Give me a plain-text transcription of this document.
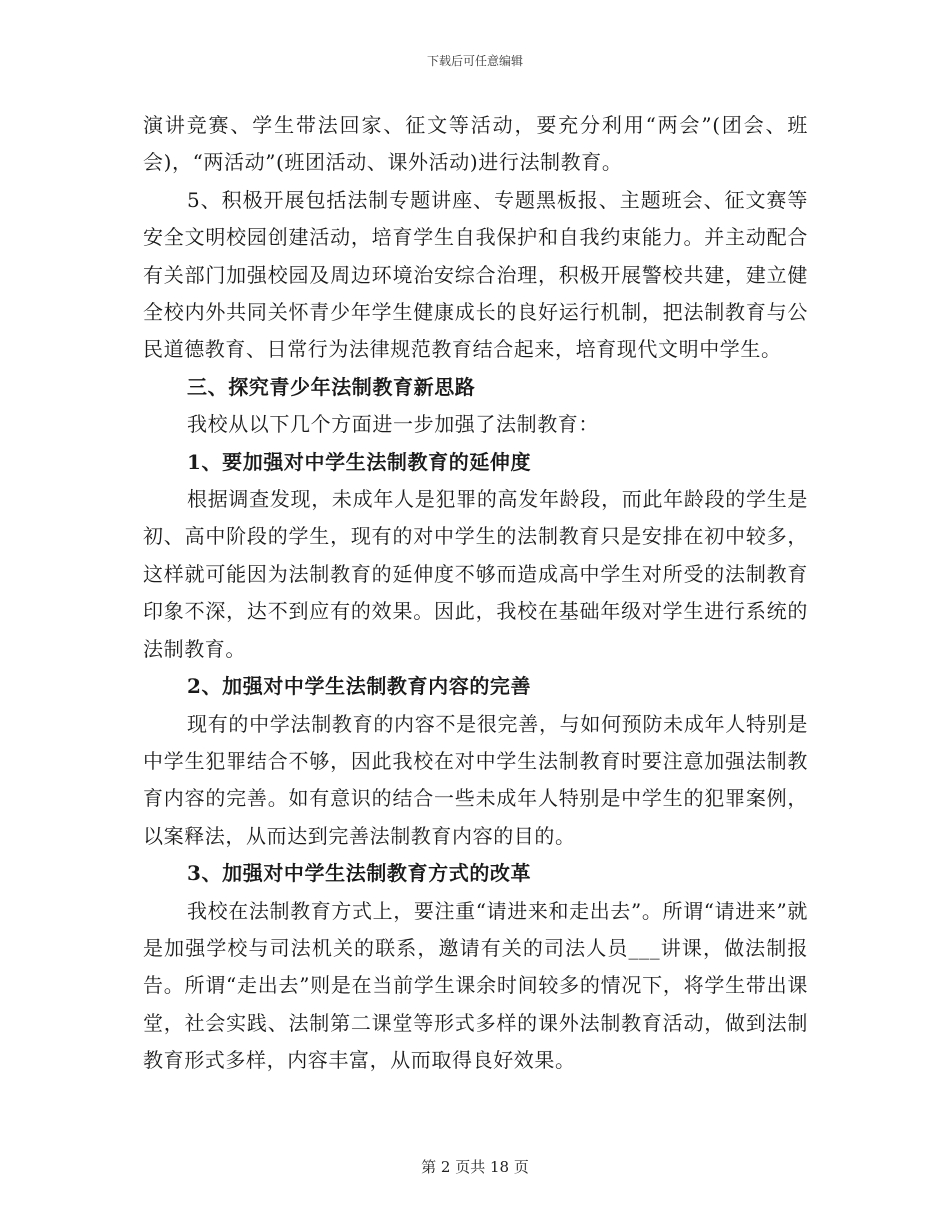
下载后可任意编辑

演讲竞赛、学生带法回家、征文等活动，要充分利用“两会”(团会、班会)，“两活动”(班团活动、课外活动)进行法制教育。

5、积极开展包括法制专题讲座、专题黑板报、主题班会、征文赛等安全文明校园创建活动，培育学生自我保护和自我约束能力。并主动配合有关部门加强校园及周边环境治安综合治理，积极开展警校共建，建立健全校内外共同关怀青少年学生健康成长的良好运行机制，把法制教育与公民道德教育、日常行为法律规范教育结合起来，培育现代文明中学生。

三、探究青少年法制教育新思路

我校从以下几个方面进一步加强了法制教育：

1、要加强对中学生法制教育的延伸度

根据调查发现，未成年人是犯罪的高发年龄段，而此年龄段的学生是初、高中阶段的学生，现有的对中学生的法制教育只是安排在初中较多，这样就可能因为法制教育的延伸度不够而造成高中学生对所受的法制教育印象不深，达不到应有的效果。因此，我校在基础年级对学生进行系统的法制教育。

2、加强对中学生法制教育内容的完善

现有的中学法制教育的内容不是很完善，与如何预防未成年人特别是中学生犯罪结合不够，因此我校在对中学生法制教育时要注意加强法制教育内容的完善。如有意识的结合一些未成年人特别是中学生的犯罪案例，以案释法，从而达到完善法制教育内容的目的。

3、加强对中学生法制教育方式的改革

我校在法制教育方式上，要注重“请进来和走出去”。所谓“请进来”就是加强学校与司法机关的联系，邀请有关的司法人员___讲课，做法制报告。所谓“走出去”则是在当前学生课余时间较多的情况下，将学生带出课堂，社会实践、法制第二课堂等形式多样的课外法制教育活动，做到法制教育形式多样，内容丰富，从而取得良好效果。

第 2 页共 18 页
